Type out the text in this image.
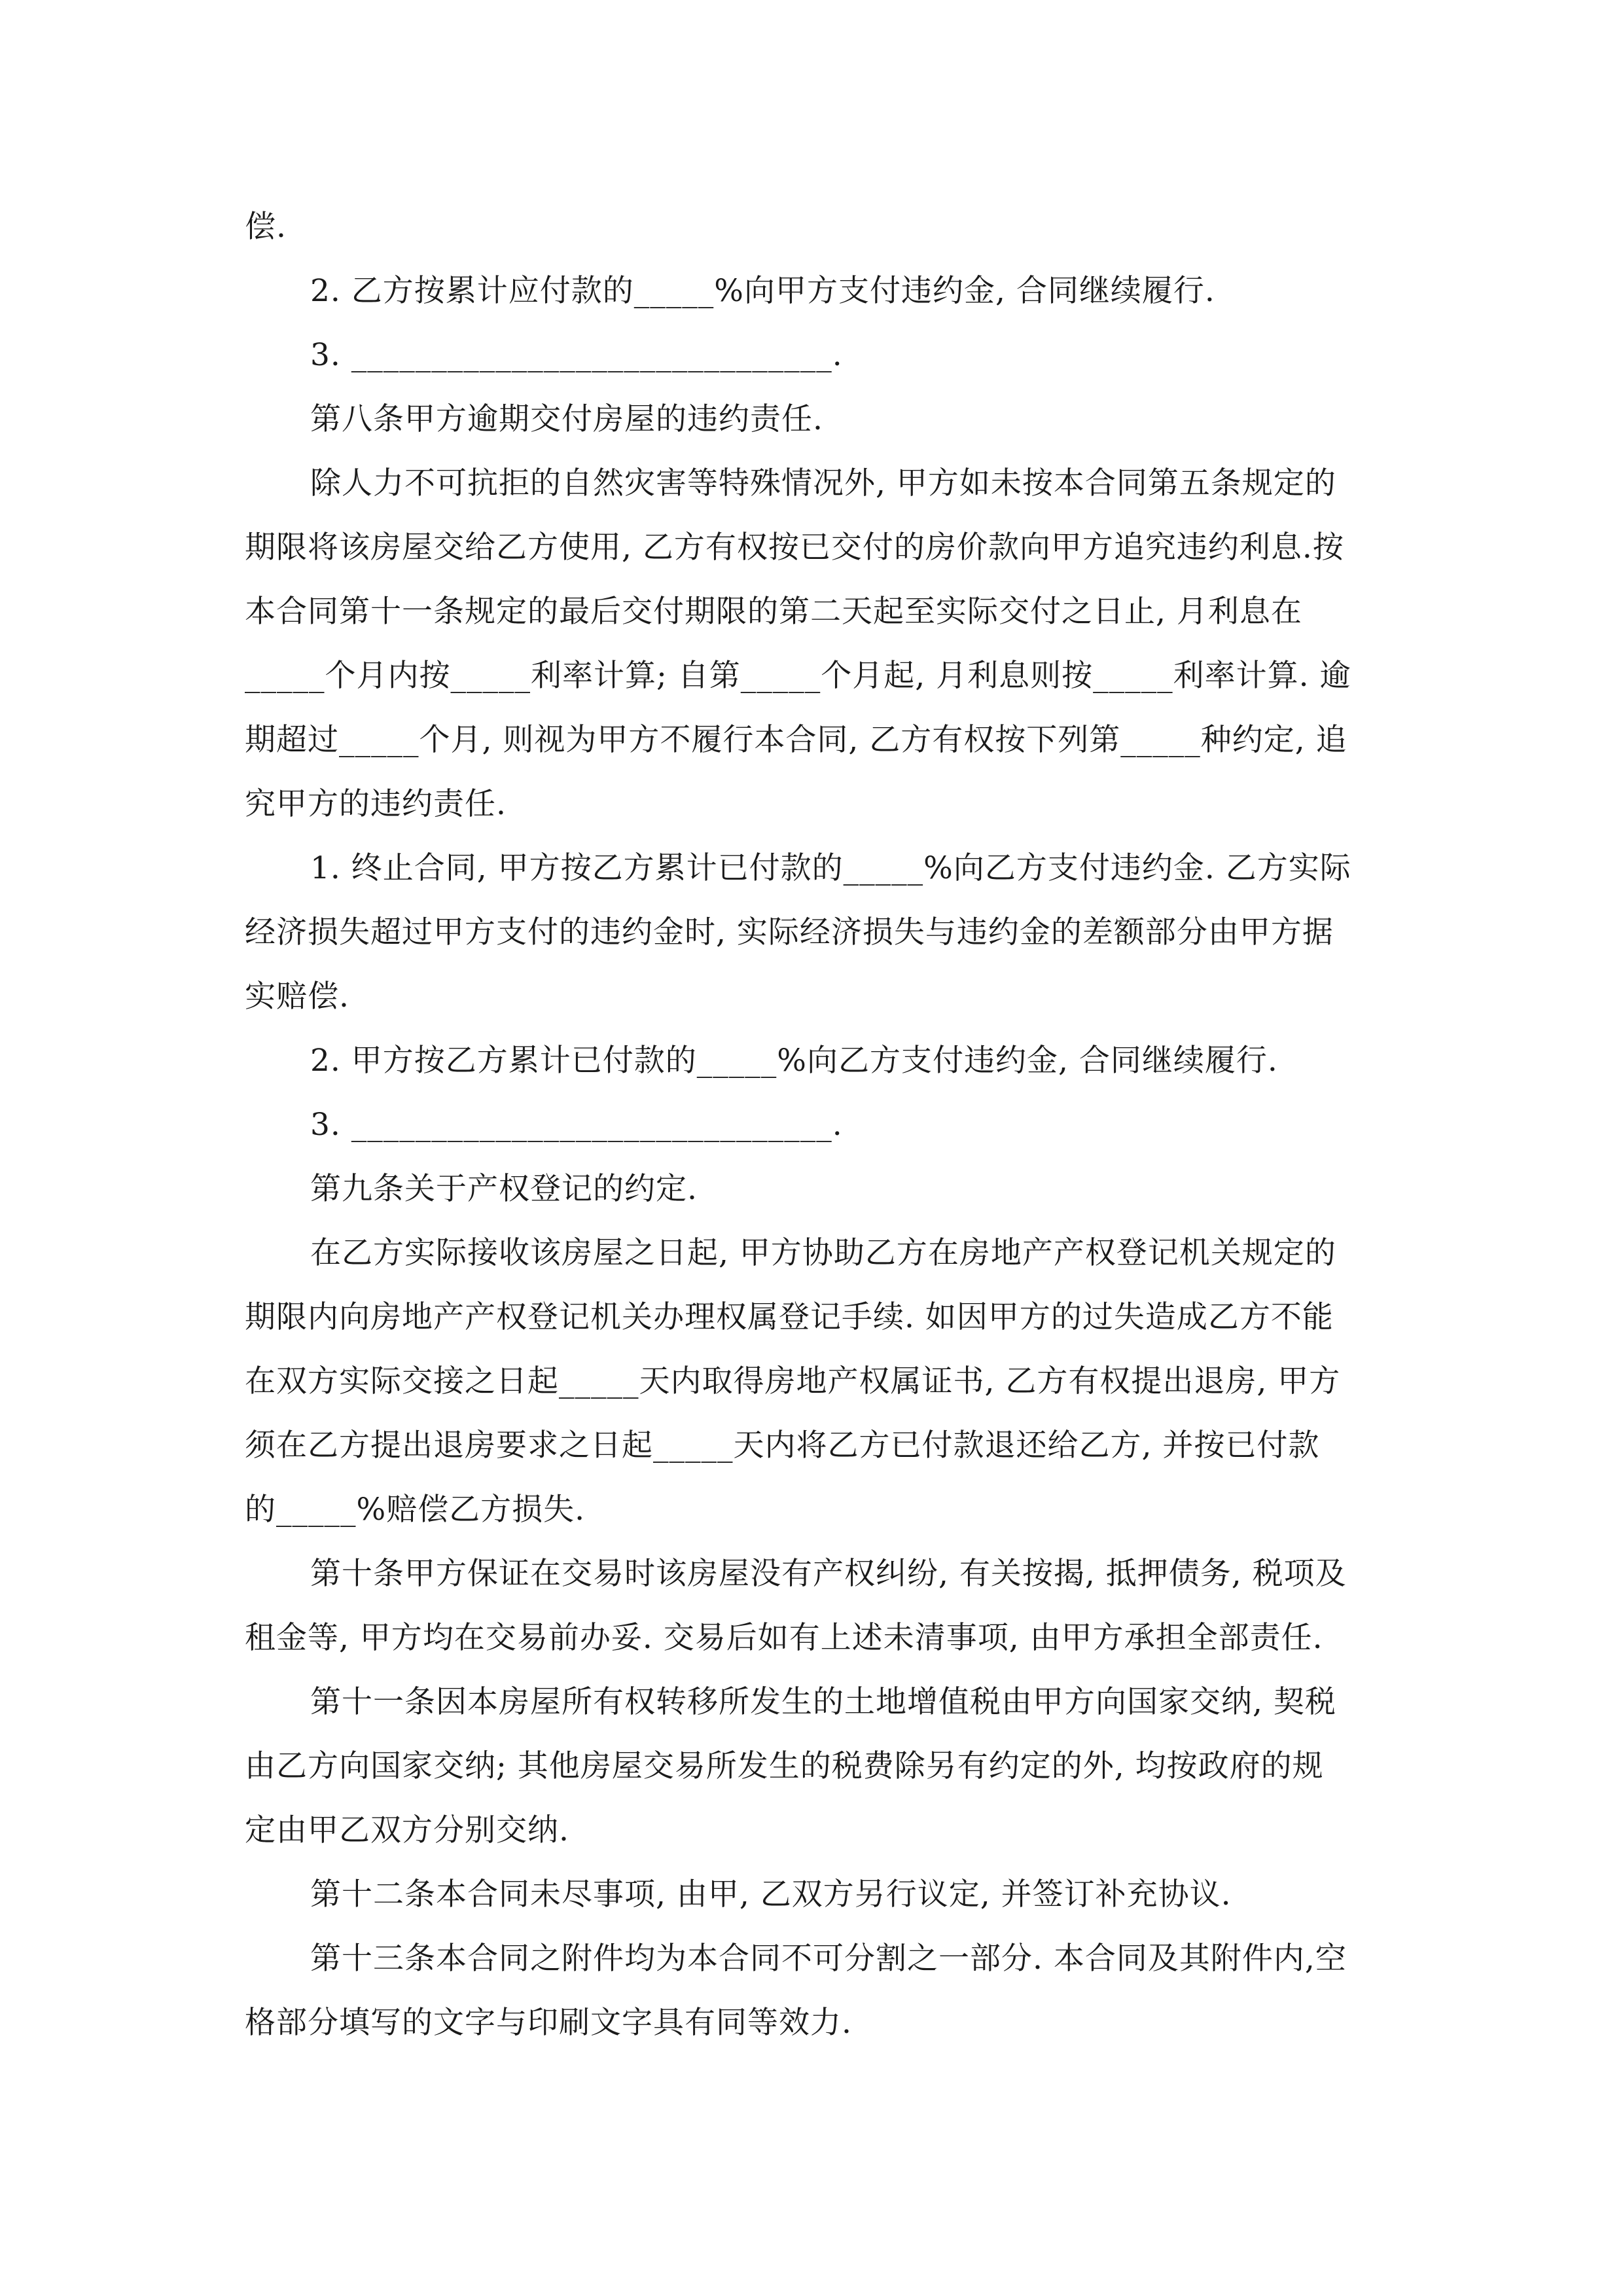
偿.
2. 乙方按累计应付款的_____%向甲方支付违约金, 合同继续履行.
3. ______________________________.
第八条甲方逾期交付房屋的违约责任.
除人力不可抗拒的自然灾害等特殊情况外, 甲方如未按本合同第五条规定的
期限将该房屋交给乙方使用, 乙方有权按已交付的房价款向甲方追究违约利息.按
本合同第十一条规定的最后交付期限的第二天起至实际交付之日止, 月利息在
_____个月内按_____利率计算; 自第_____个月起, 月利息则按_____利率计算. 逾
期超过_____个月, 则视为甲方不履行本合同, 乙方有权按下列第_____种约定, 追
究甲方的违约责任.
1. 终止合同, 甲方按乙方累计已付款的_____%向乙方支付违约金. 乙方实际
经济损失超过甲方支付的违约金时, 实际经济损失与违约金的差额部分由甲方据
实赔偿.
2. 甲方按乙方累计已付款的_____%向乙方支付违约金, 合同继续履行.
3. ______________________________.
第九条关于产权登记的约定.
在乙方实际接收该房屋之日起, 甲方协助乙方在房地产产权登记机关规定的
期限内向房地产产权登记机关办理权属登记手续. 如因甲方的过失造成乙方不能
在双方实际交接之日起_____天内取得房地产权属证书, 乙方有权提出退房, 甲方
须在乙方提出退房要求之日起_____天内将乙方已付款退还给乙方, 并按已付款
的_____%赔偿乙方损失.
第十条甲方保证在交易时该房屋没有产权纠纷, 有关按揭, 抵押债务, 税项及
租金等, 甲方均在交易前办妥. 交易后如有上述未清事项, 由甲方承担全部责任.
第十一条因本房屋所有权转移所发生的土地增值税由甲方向国家交纳, 契税
由乙方向国家交纳; 其他房屋交易所发生的税费除另有约定的外, 均按政府的规
定由甲乙双方分别交纳.
第十二条本合同未尽事项, 由甲, 乙双方另行议定, 并签订补充协议.
第十三条本合同之附件均为本合同不可分割之一部分. 本合同及其附件内,空
格部分填写的文字与印刷文字具有同等效力.
